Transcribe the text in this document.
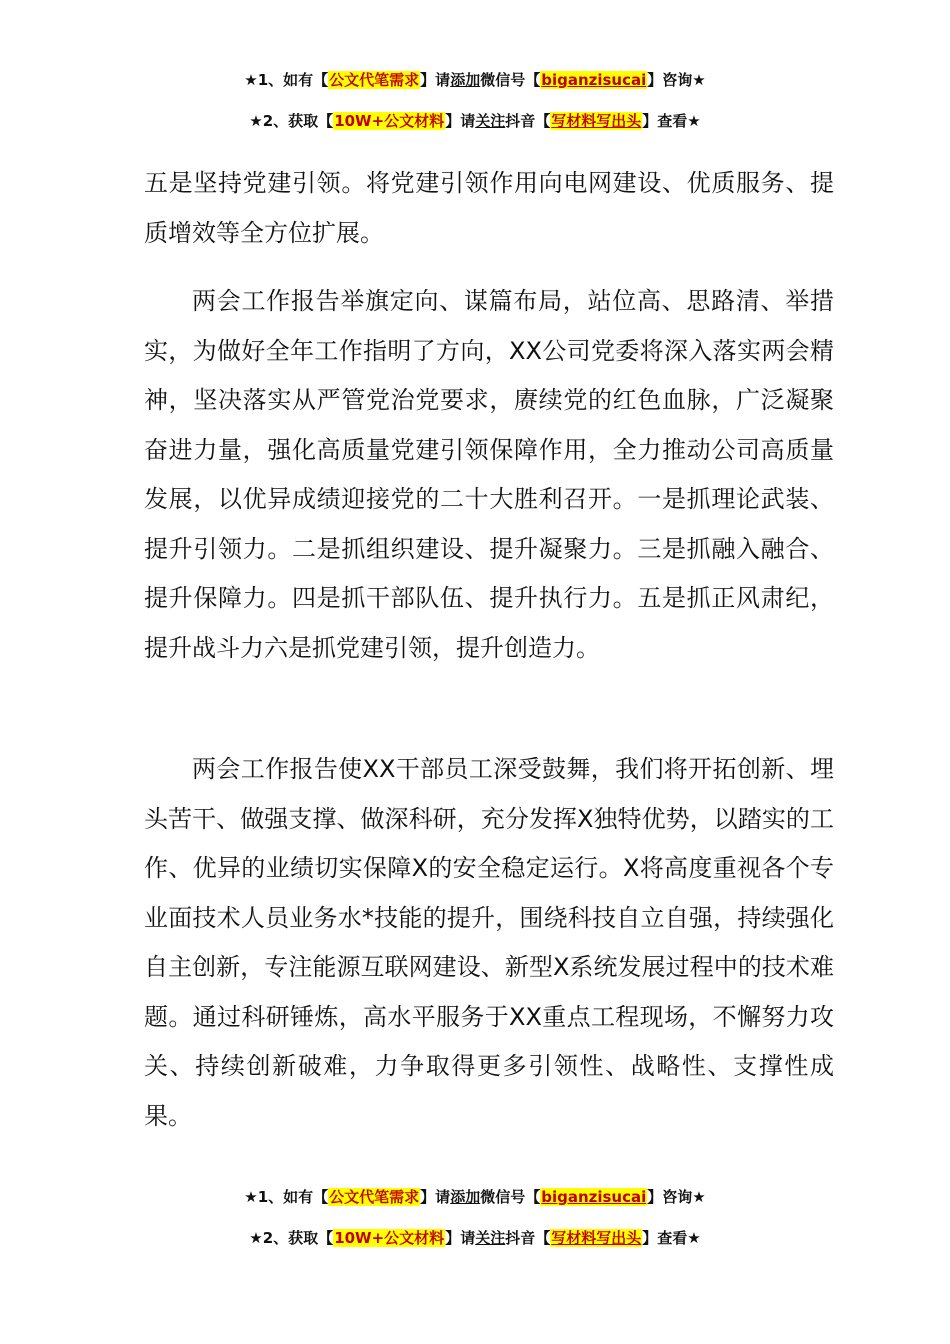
★1、如有【公文代笔需求】请添加微信号【biganzisucai】咨询★
★2、获取【10W+公文材料】请关注抖音【写材料写出头】查看★

五是坚持党建引领。将党建引领作用向电网建设、优质服务、提质增效等全方位扩展。

两会工作报告举旗定向、谋篇布局，站位高、思路清、举措实，为做好全年工作指明了方向，XX公司党委将深入落实两会精神，坚决落实从严管党治党要求，赓续党的红色血脉，广泛凝聚奋进力量，强化高质量党建引领保障作用，全力推动公司高质量发展，以优异成绩迎接党的二十大胜利召开。一是抓理论武装、提升引领力。二是抓组织建设、提升凝聚力。三是抓融入融合、提升保障力。四是抓干部队伍、提升执行力。五是抓正风肃纪，提升战斗力六是抓党建引领，提升创造力。

两会工作报告使XX干部员工深受鼓舞，我们将开拓创新、埋头苦干、做强支撑、做深科研，充分发挥X独特优势，以踏实的工作、优异的业绩切实保障X的安全稳定运行。X将高度重视各个专业面技术人员业务水*技能的提升，围绕科技自立自强，持续强化自主创新，专注能源互联网建设、新型X系统发展过程中的技术难题。通过科研锤炼，高水平服务于XX重点工程现场，不懈努力攻关、持续创新破难，力争取得更多引领性、战略性、支撑性成果。

★1、如有【公文代笔需求】请添加微信号【biganzisucai】咨询★
★2、获取【10W+公文材料】请关注抖音【写材料写出头】查看★
